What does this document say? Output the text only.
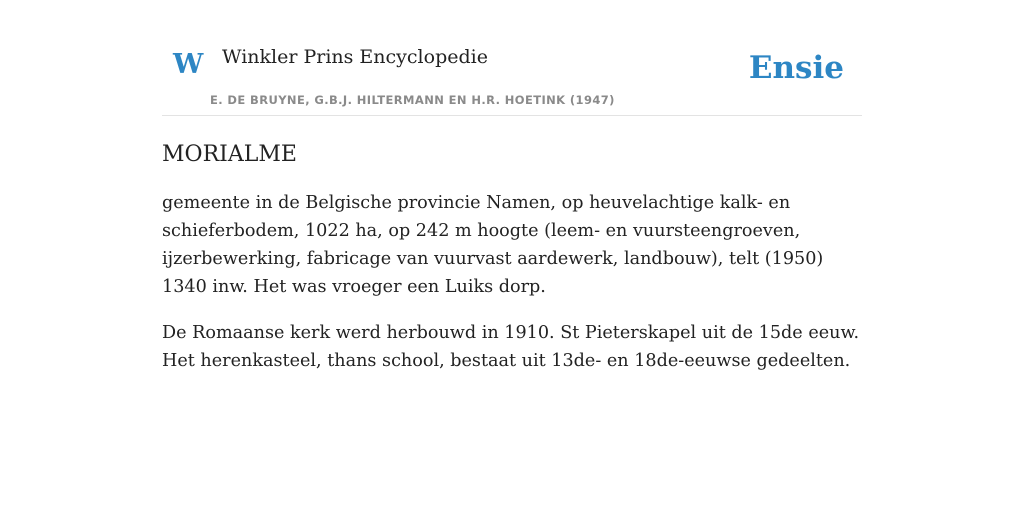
W Winkler Prins Encyclopedie
E. DE BRUYNE, G.B.J. HILTERMANN EN H.R. HOETINK (1947)
Ensie
MORIALME

gemeente in de Belgische provincie Namen, op heuvelachtige kalk- en schieferbodem, 1022 ha, op 242 m hoogte (leem- en vuursteengroeven, ijzerbewerking, fabricage van vuurvast aardewerk, landbouw), telt (1950) 1340 inw. Het was vroeger een Luiks dorp.

De Romaanse kerk werd herbouwd in 1910. St Pieterskapel uit de 15de eeuw. Het herenkasteel, thans school, bestaat uit 13de- en 18de-eeuwse gedeelten.
